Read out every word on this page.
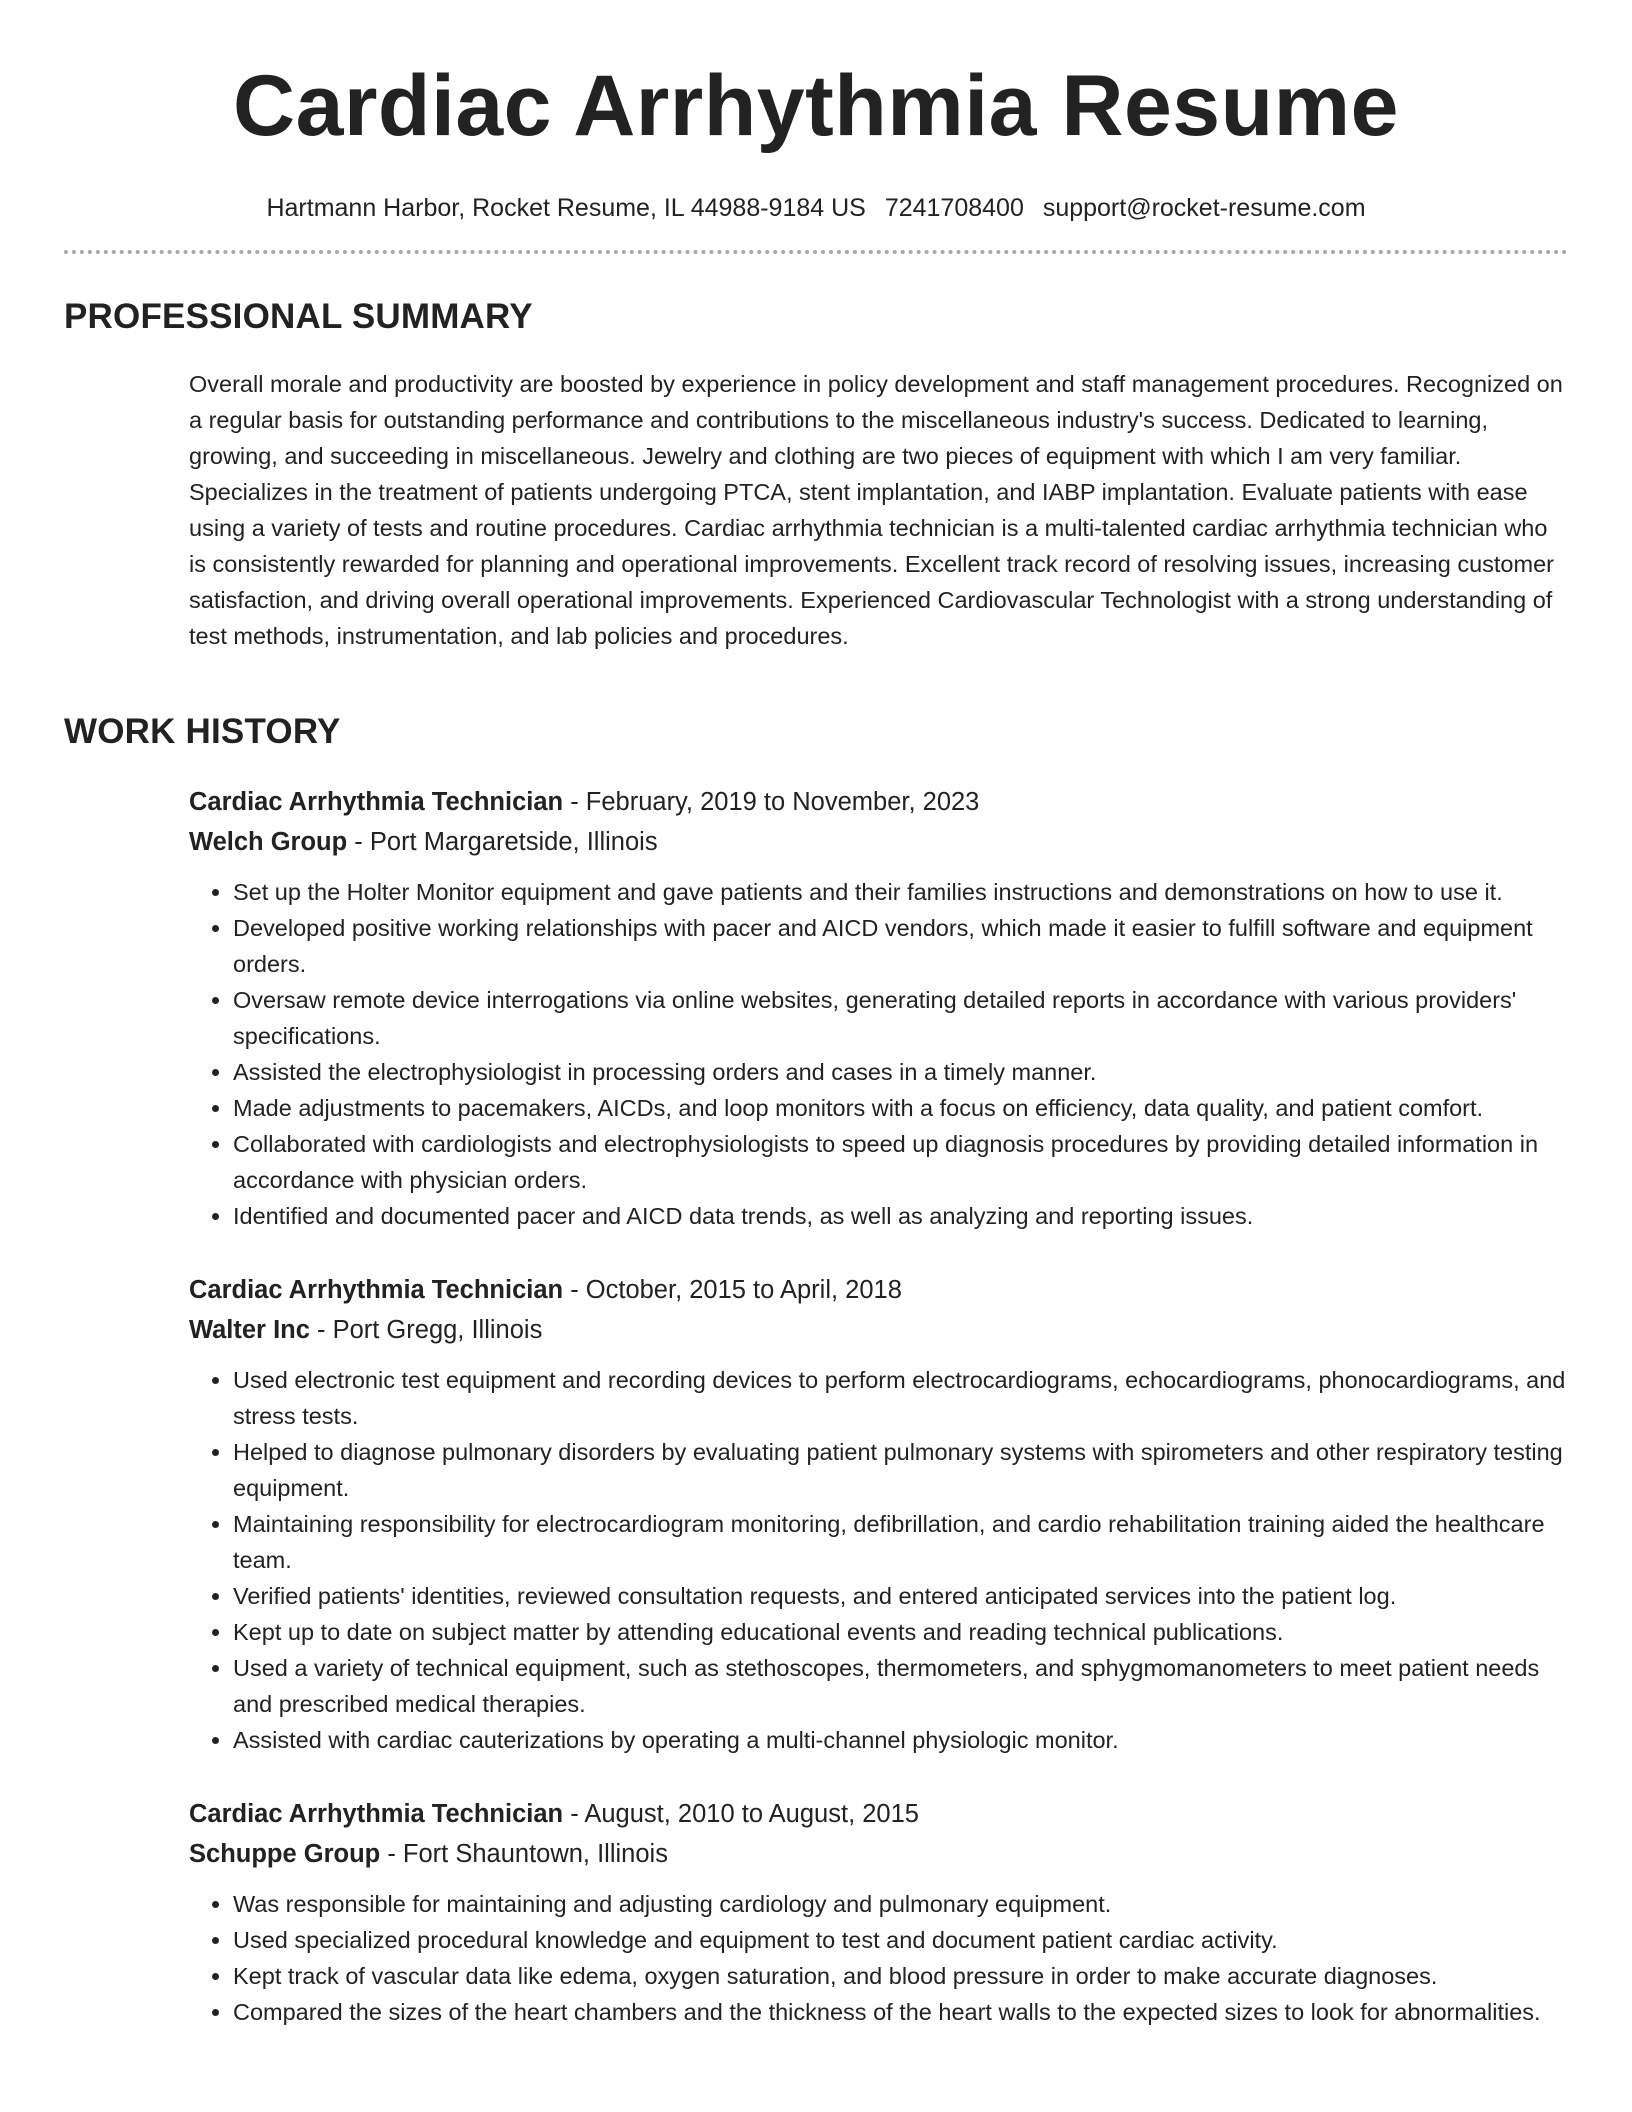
Cardiac Arrhythmia Resume
Hartmann Harbor, Rocket Resume, IL 44988-9184 US 7241708400 support@rocket-resume.com
PROFESSIONAL SUMMARY

Overall morale and productivity are boosted by experience in policy development and staff management procedures. Recognized on a regular basis for outstanding performance and contributions to the miscellaneous industry's success. Dedicated to learning, growing, and succeeding in miscellaneous. Jewelry and clothing are two pieces of equipment with which I am very familiar. Specializes in the treatment of patients undergoing PTCA, stent implantation, and IABP implantation. Evaluate patients with ease using a variety of tests and routine procedures. Cardiac arrhythmia technician is a multi-talented cardiac arrhythmia technician who is consistently rewarded for planning and operational improvements. Excellent track record of resolving issues, increasing customer satisfaction, and driving overall operational improvements. Experienced Cardiovascular Technologist with a strong understanding of test methods, instrumentation, and lab policies and procedures.

WORK HISTORY

Cardiac Arrhythmia Technician - February, 2019 to November, 2023

Welch Group - Port Margaretside, Illinois

• Set up the Holter Monitor equipment and gave patients and their families instructions and demonstrations on how to use it.
• Developed positive working relationships with pacer and AICD vendors, which made it easier to fulfill software and equipment orders.
• Oversaw remote device interrogations via online websites, generating detailed reports in accordance with various providers' specifications.
• Assisted the electrophysiologist in processing orders and cases in a timely manner.
• Made adjustments to pacemakers, AICDs, and loop monitors with a focus on efficiency, data quality, and patient comfort.
• Collaborated with cardiologists and electrophysiologists to speed up diagnosis procedures by providing detailed information in accordance with physician orders.
• Identified and documented pacer and AICD data trends, as well as analyzing and reporting issues.

Cardiac Arrhythmia Technician - October, 2015 to April, 2018

Walter Inc - Port Gregg, Illinois

• Used electronic test equipment and recording devices to perform electrocardiograms, echocardiograms, phonocardiograms, and stress tests.
• Helped to diagnose pulmonary disorders by evaluating patient pulmonary systems with spirometers and other respiratory testing equipment.
• Maintaining responsibility for electrocardiogram monitoring, defibrillation, and cardio rehabilitation training aided the healthcare team.
• Verified patients' identities, reviewed consultation requests, and entered anticipated services into the patient log.
• Kept up to date on subject matter by attending educational events and reading technical publications.
• Used a variety of technical equipment, such as stethoscopes, thermometers, and sphygmomanometers to meet patient needs and prescribed medical therapies.
• Assisted with cardiac cauterizations by operating a multi-channel physiologic monitor.

Cardiac Arrhythmia Technician - August, 2010 to August, 2015

Schuppe Group - Fort Shauntown, Illinois

• Was responsible for maintaining and adjusting cardiology and pulmonary equipment.
• Used specialized procedural knowledge and equipment to test and document patient cardiac activity.
• Kept track of vascular data like edema, oxygen saturation, and blood pressure in order to make accurate diagnoses.
• Compared the sizes of the heart chambers and the thickness of the heart walls to the expected sizes to look for abnormalities.
